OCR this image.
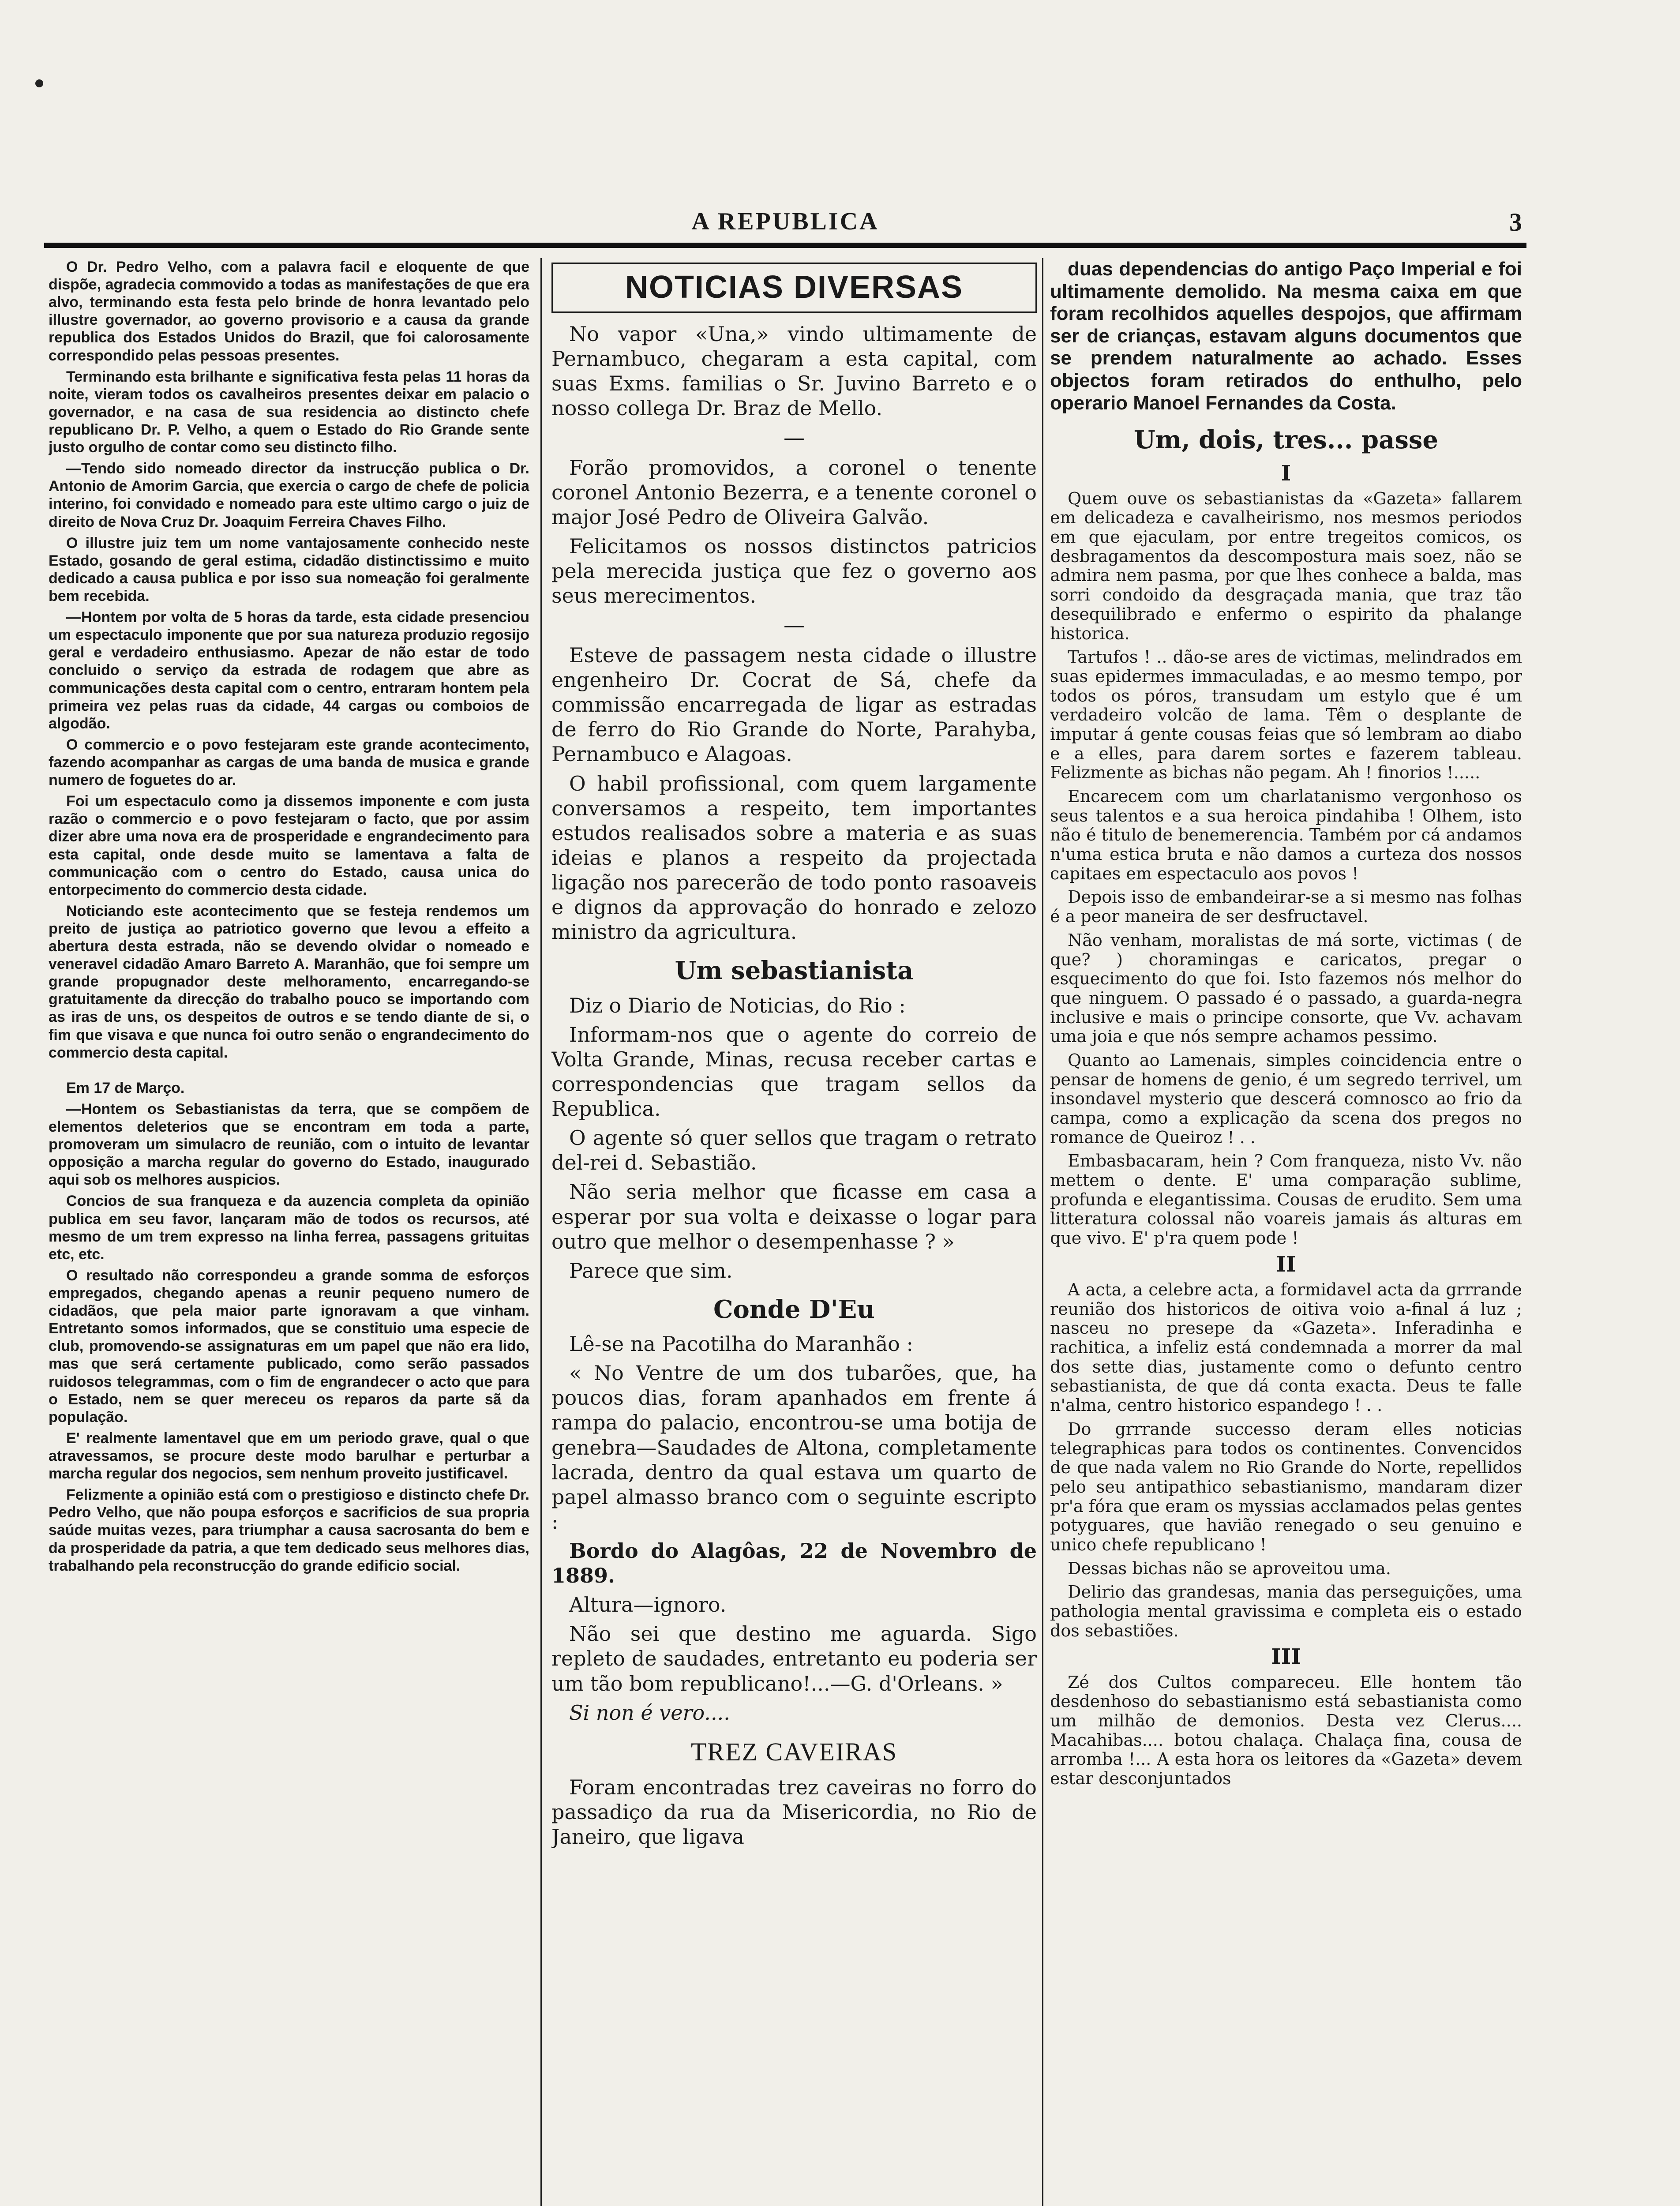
A REPUBLICA	3

O Dr. Pedro Velho, com a palavra facil e eloquente de que dispõe, agradecia commovido a todas as manifestações de que era alvo, terminando esta festa pelo brinde de honra levantado pelo illustre governador, ao governo provisorio e a causa da grande republica dos Estados Unidos do Brazil, que foi calorosamente correspondido pelas pessoas presentes.

Terminando esta brilhante e significativa festa pelas 11 horas da noite, vieram todos os cavalheiros presentes deixar em palacio o governador, e na casa de sua residencia ao distincto chefe republicano Dr. P. Velho, a quem o Estado do Rio Grande sente justo orgulho de contar como seu distincto filho.

—Tendo sido nomeado director da instrucção publica o Dr. Antonio de Amorim Garcia, que exercia o cargo de chefe de policia interino, foi convidado e nomeado para este ultimo cargo o juiz de direito de Nova Cruz Dr. Joaquim Ferreira Chaves Filho.

O illustre juiz tem um nome vantajosamente conhecido neste Estado, gosando de geral estima, cidadão distinctissimo e muito dedicado a causa publica e por isso sua nomeação foi geralmente bem recebida.

—Hontem por volta de 5 horas da tarde, esta cidade presenciou um espectaculo imponente que por sua natureza produzio regosijo geral e verdadeiro enthusiasmo. Apezar de não estar de todo concluido o serviço da estrada de rodagem que abre as communicações desta capital com o centro, entraram hontem pela primeira vez pelas ruas da cidade, 44 cargas ou comboios de algodão.

O commercio e o povo festejaram este grande acontecimento, fazendo acompanhar as cargas de uma banda de musica e grande numero de foguetes do ar.

Foi um espectaculo como ja dissemos imponente e com justa razão o commercio e o povo festejaram o facto, que por assim dizer abre uma nova era de prosperidade e engrandecimento para esta capital, onde desde muito se lamentava a falta de communicação com o centro do Estado, causa unica do entorpecimento do commercio desta cidade.

Noticiando este acontecimento que se festeja rendemos um preito de justiça ao patriotico governo que levou a effeito a abertura desta estrada, não se devendo olvidar o nomeado e veneravel cidadão Amaro Barreto A. Maranhão, que foi sempre um grande propugnador deste melhoramento, encarregando-se gratuitamente da direcção do trabalho pouco se importando com as iras de uns, os despeitos de outros e se tendo diante de si, o fim que visava e que nunca foi outro senão o engrandecimento do commercio desta capital.

Em 17 de Março.

—Hontem os Sebastianistas da terra, que se compõem de elementos deleterios que se encontram em toda a parte, promoveram um simulacro de reunião, com o intuito de levantar opposição a marcha regular do governo do Estado, inaugurado aqui sob os melhores auspicios.

Concios de sua franqueza e da auzencia completa da opinião publica em seu favor, lançaram mão de todos os recursos, até mesmo de um trem expresso na linha ferrea, passagens grituitas etc, etc.

O resultado não correspondeu a grande somma de esforços empregados, chegando apenas a reunir pequeno numero de cidadãos, que pela maior parte ignoravam a que vinham. Entretanto somos informados, que se constituio uma especie de club, promovendo-se assignaturas em um papel que não era lido, mas que será certamente publicado, como serão passados ruidosos telegrammas, com o fim de engrandecer o acto que para o Estado, nem se quer mereceu os reparos da parte sã da população.

E' realmente lamentavel que em um periodo grave, qual o que atravessamos, se procure deste modo barulhar e perturbar a marcha regular dos negocios, sem nenhum proveito justificavel.

Felizmente a opinião está com o prestigioso e distincto chefe Dr. Pedro Velho, que não poupa esforços e sacrificios de sua propria saúde muitas vezes, para triumphar a causa sacrosanta do bem e da prosperidade da patria, a que tem dedicado seus melhores dias, trabalhando pela reconstrucção do grande edificio social.

NOTICIAS DIVERSAS

No vapor «Una,» vindo ultimamente de Pernambuco, chegaram a esta capital, com suas Exms. familias o Sr. Juvino Barreto e o nosso collega Dr. Braz de Mello.

—

Forão promovidos, a coronel o tenente coronel Antonio Bezerra, e a tenente coronel o major José Pedro de Oliveira Galvão.

Felicitamos os nossos distinctos patricios pela merecida justiça que fez o governo aos seus merecimentos.

—

Esteve de passagem nesta cidade o illustre engenheiro Dr. Cocrat de Sá, chefe da commissão encarregada de ligar as estradas de ferro do Rio Grande do Norte, Parahyba, Pernambuco e Alagoas.

O habil profissional, com quem largamente conversamos a respeito, tem importantes estudos realisados sobre a materia e as suas ideias e planos a respeito da projectada ligação nos parecerão de todo ponto rasoaveis e dignos da approvação do honrado e zelozo ministro da agricultura.

Um sebastianista

Diz o Diario de Noticias, do Rio :

Informam-nos que o agente do correio de Volta Grande, Minas, recusa receber cartas e correspondencias que tragam sellos da Republica.

O agente só quer sellos que tragam o retrato del-rei d. Sebastião.

Não seria melhor que ficasse em casa a esperar por sua volta e deixasse o logar para outro que melhor o desempenhasse ? »

Parece que sim.

Conde D'Eu

Lê-se na Pacotilha do Maranhão :

« No Ventre de um dos tubarões, que, ha poucos dias, foram apanhados em frente á rampa do palacio, encontrou-se uma botija de genebra—Saudades de Altona, completamente lacrada, dentro da qual estava um quarto de papel almasso branco com o seguinte escripto :

Bordo do Alagôas, 22 de Novembro de 1889.

Altura—ignoro.

Não sei que destino me aguarda. Sigo repleto de saudades, entretanto eu poderia ser um tão bom republicano!...—G. d'Orleans. »

Si non é vero....

TREZ CAVEIRAS

Foram encontradas trez caveiras no forro do passadiço da rua da Misericordia, no Rio de Janeiro, que ligava

duas dependencias do antigo Paço Imperial e foi ultimamente demolido. Na mesma caixa em que foram recolhidos aquelles despojos, que affirmam ser de crianças, estavam alguns documentos que se prendem naturalmente ao achado. Esses objectos foram retirados do enthulho, pelo operario Manoel Fernandes da Costa.

Um, dois, tres... passe
I

Quem ouve os sebastianistas da «Gazeta» fallarem em delicadeza e cavalheirismo, nos mesmos periodos em que ejaculam, por entre tregeitos comicos, os desbragamentos da descompostura mais soez, não se admira nem pasma, por que lhes conhece a balda, mas sorri condoido da desgraçada mania, que traz tão desequilibrado e enfermo o espirito da phalange historica.

Tartufos ! .. dão-se ares de victimas, melindrados em suas epidermes immaculadas, e ao mesmo tempo, por todos os póros, transudam um estylo que é um verdadeiro volcão de lama. Têm o desplante de imputar á gente cousas feias que só lembram ao diabo e a elles, para darem sortes e fazerem tableau. Felizmente as bichas não pegam. Ah ! finorios !.....

Encarecem com um charlatanismo vergonhoso os seus talentos e a sua heroica pindahiba ! Olhem, isto não é titulo de benemerencia. Também por cá andamos n'uma estica bruta e não damos a curteza dos nossos capitaes em espectaculo aos povos !

Depois isso de embandeirar-se a si mesmo nas folhas é a peor maneira de ser desfructavel.

Não venham, moralistas de má sorte, victimas ( de que? ) choramingas e caricatos, pregar o esquecimento do que foi. Isto fazemos nós melhor do que ninguem. O passado é o passado, a guarda-negra inclusive e mais o principe consorte, que Vv. achavam uma joia e que nós sempre achamos pessimo.

Quanto ao Lamenais, simples coincidencia entre o pensar de homens de genio, é um segredo terrivel, um insondavel mysterio que descerá comnosco ao frio da campa, como a explicação da scena dos pregos no romance de Queiroz ! . .

Embasbacaram, hein ? Com franqueza, nisto Vv. não mettem o dente. E' uma comparação sublime, profunda e elegantissima. Cousas de erudito. Sem uma litteratura colossal não voareis jamais ás alturas em que vivo. E' p'ra quem pode !

II

A acta, a celebre acta, a formidavel acta da grrrande reunião dos historicos de oitiva voio a-final á luz ; nasceu no presepe da «Gazeta». Inferadinha e rachitica, a infeliz está condemnada a morrer da mal dos sette dias, justamente como o defunto centro sebastianista, de que dá conta exacta. Deus te falle n'alma, centro historico espandego ! . .

Do grrrande successo deram elles noticias telegraphicas para todos os continentes. Convencidos de que nada valem no Rio Grande do Norte, repellidos pelo seu antipathico sebastianismo, mandaram dizer pr'a fóra que eram os myssias acclamados pelas gentes potyguares, que havião renegado o seu genuino e unico chefe republicano !

Dessas bichas não se aproveitou uma.

Delirio das grandesas, mania das perseguições, uma pathologia mental gravissima e completa eis o estado dos sebastiões.

III

Zé dos Cultos compareceu. Elle hontem tão desdenhoso do sebastianismo está sebastianista como um milhão de demonios. Desta vez Clerus.... Macahibas.... botou chalaça. Chalaça fina, cousa de arromba !... A esta hora os leitores da «Gazeta» devem estar desconjuntados
